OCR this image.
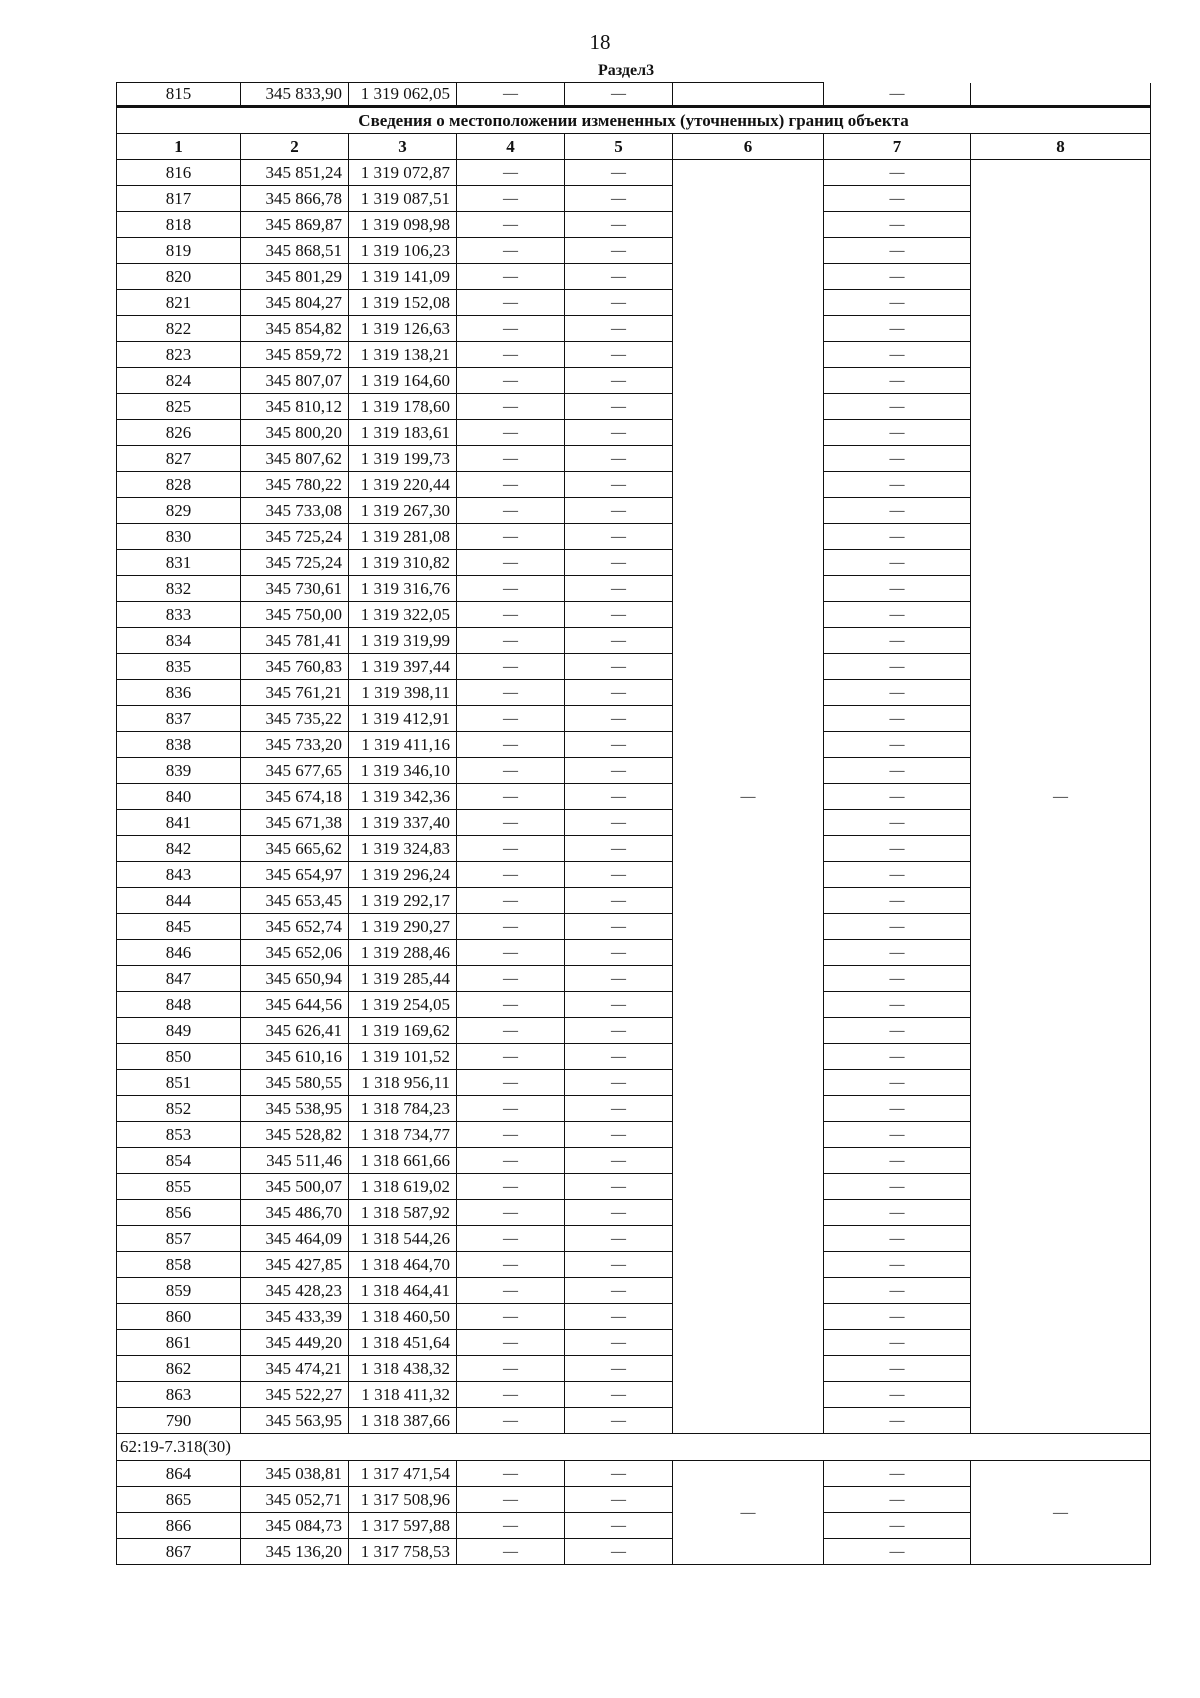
18
Раздел3
815	345 833,90	1 319 062,05	—	—		—	
Сведения о местоположении измененных (уточненных) границ объекта							
1	2	3	4	5	6	7	8
816	345 851,24	1 319 072,87	—	—	—	—	—
817	345 866,78	1 319 087,51	—	—		—	
818	345 869,87	1 319 098,98	—	—		—	
819	345 868,51	1 319 106,23	—	—		—	
820	345 801,29	1 319 141,09	—	—		—	
821	345 804,27	1 319 152,08	—	—		—	
822	345 854,82	1 319 126,63	—	—		—	
823	345 859,72	1 319 138,21	—	—		—	
824	345 807,07	1 319 164,60	—	—		—	
825	345 810,12	1 319 178,60	—	—		—	
826	345 800,20	1 319 183,61	—	—		—	
827	345 807,62	1 319 199,73	—	—		—	
828	345 780,22	1 319 220,44	—	—		—	
829	345 733,08	1 319 267,30	—	—		—	
830	345 725,24	1 319 281,08	—	—		—	
831	345 725,24	1 319 310,82	—	—		—	
832	345 730,61	1 319 316,76	—	—		—	
833	345 750,00	1 319 322,05	—	—		—	
834	345 781,41	1 319 319,99	—	—		—	
835	345 760,83	1 319 397,44	—	—		—	
836	345 761,21	1 319 398,11	—	—		—	
837	345 735,22	1 319 412,91	—	—		—	
838	345 733,20	1 319 411,16	—	—		—	
839	345 677,65	1 319 346,10	—	—		—	
840	345 674,18	1 319 342,36	—	—		—	
841	345 671,38	1 319 337,40	—	—		—	
842	345 665,62	1 319 324,83	—	—		—	
843	345 654,97	1 319 296,24	—	—		—	
844	345 653,45	1 319 292,17	—	—		—	
845	345 652,74	1 319 290,27	—	—		—	
846	345 652,06	1 319 288,46	—	—		—	
847	345 650,94	1 319 285,44	—	—		—	
848	345 644,56	1 319 254,05	—	—		—	
849	345 626,41	1 319 169,62	—	—		—	
850	345 610,16	1 319 101,52	—	—		—	
851	345 580,55	1 318 956,11	—	—		—	
852	345 538,95	1 318 784,23	—	—		—	
853	345 528,82	1 318 734,77	—	—		—	
854	345 511,46	1 318 661,66	—	—		—	
855	345 500,07	1 318 619,02	—	—		—	
856	345 486,70	1 318 587,92	—	—		—	
857	345 464,09	1 318 544,26	—	—		—	
858	345 427,85	1 318 464,70	—	—		—	
859	345 428,23	1 318 464,41	—	—		—	
860	345 433,39	1 318 460,50	—	—		—	
861	345 449,20	1 318 451,64	—	—		—	
862	345 474,21	1 318 438,32	—	—		—	
863	345 522,27	1 318 411,32	—	—		—	
790	345 563,95	1 318 387,66	—	—		—	
62:19-7.318(30)							
864	345 038,81	1 317 471,54	—	—	—	—	—
865	345 052,71	1 317 508,96	—	—		—	
866	345 084,73	1 317 597,88	—	—		—	
867	345 136,20	1 317 758,53	—	—		—	
